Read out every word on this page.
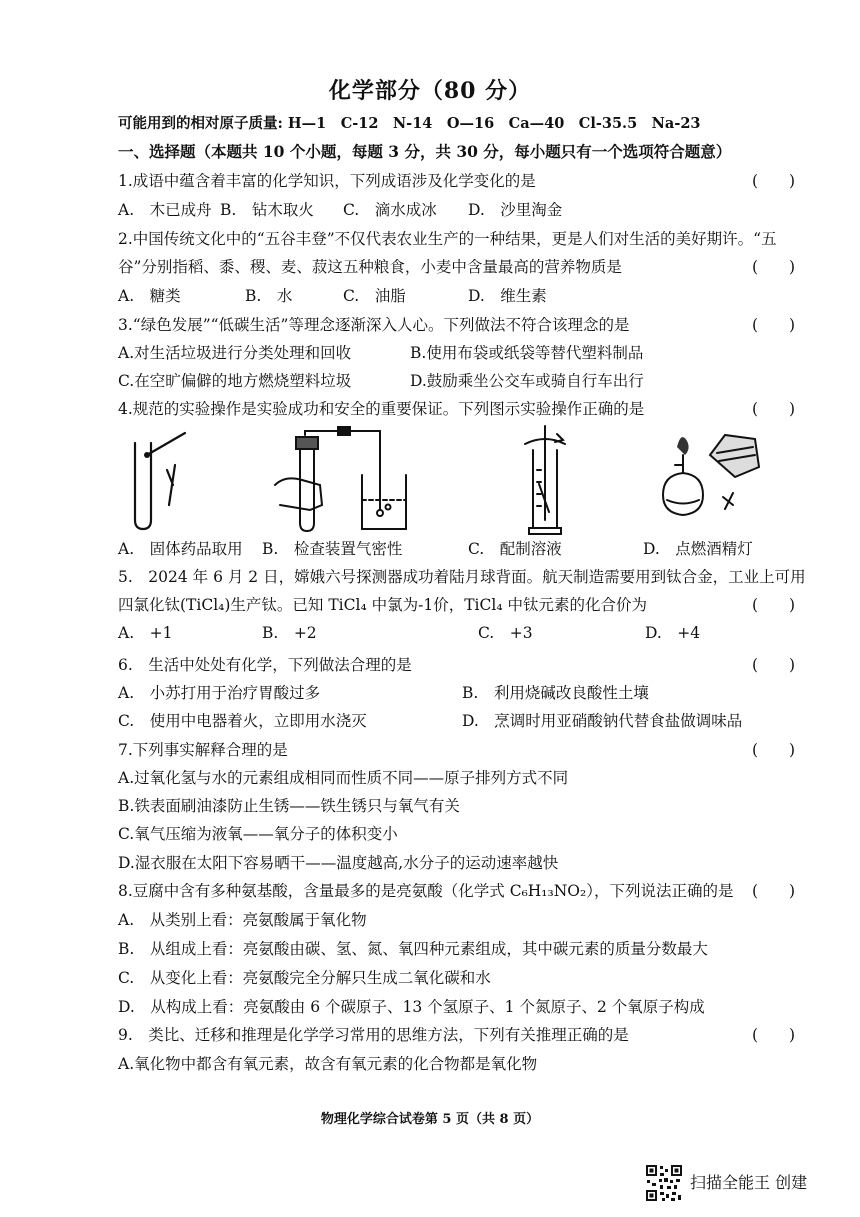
化学部分（80 分）
可能用到的相对原子质量: H—1　C-12　N-14　O—16　Ca—40　Cl-35.5　Na-23
一、选择题（本题共 10 个小题，每题 3 分，共 30 分，每小题只有一个选项符合题意）
1.成语中蕴含着丰富的化学知识，下列成语涉及化学变化的是	(　　)
A.　木已成舟 B.　钻木取火 C.　滴水成冰 D.　沙里淘金
2.中国传统文化中的“五谷丰登”不仅代表农业生产的一种结果，更是人们对生活的美好期许。“五
谷”分别指稻、黍、稷、麦、菽这五种粮食，小麦中含量最高的营养物质是	(　　)
A.　糖类	B.　水	C.　油脂	D.　维生素
3.“绿色发展”“低碳生活”等理念逐渐深入人心。下列做法不符合该理念的是	(　　)
A.对生活垃圾进行分类处理和回收	B.使用布袋或纸袋等替代塑料制品
C.在空旷偏僻的地方燃烧塑料垃圾	D.鼓励乘坐公交车或骑自行车出行
4.规范的实验操作是实验成功和安全的重要保证。下列图示实验操作正确的是	(　　)
A.　固体药品取用 B.　检查装置气密性	C.　配制溶液	D.　点燃酒精灯
5.　2024 年 6 月 2 日，嫦娥六号探测器成功着陆月球背面。航天制造需要用到钛合金，工业上可用
四氯化钛(TiCl₄)生产钛。已知 TiCl₄ 中氯为-1价，TiCl₄ 中钛元素的化合价为	(　　)
A.　+1	B.　+2	C.　+3	D.　+4
6.　生活中处处有化学，下列做法合理的是	(　　)
A.　小苏打用于治疗胃酸过多	B.　利用烧碱改良酸性土壤
C.　使用中电器着火，立即用水浇灭	D.　烹调时用亚硝酸钠代替食盐做调味品
7.下列事实解释合理的是	(　　)
A.过氧化氢与水的元素组成相同而性质不同——原子排列方式不同
B.铁表面刷油漆防止生锈——铁生锈只与氧气有关
C.氧气压缩为液氧——氧分子的体积变小
D.湿衣服在太阳下容易晒干——温度越高,水分子的运动速率越快
8.豆腐中含有多种氨基酸，含量最多的是亮氨酸（化学式 C₆H₁₃NO₂），下列说法正确的是 (　　)
A.　从类别上看：亮氨酸属于氧化物
B.　从组成上看：亮氨酸由碳、氢、氮、氧四种元素组成，其中碳元素的质量分数最大
C.　从变化上看：亮氨酸完全分解只生成二氧化碳和水
D.　从构成上看：亮氨酸由 6 个碳原子、13 个氢原子、1 个氮原子、2 个氧原子构成
9.　类比、迁移和推理是化学学习常用的思维方法，下列有关推理正确的是	(　　)
A.氧化物中都含有氧元素，故含有氧元素的化合物都是氧化物
物理化学综合试卷第 5 页（共 8 页）
扫描全能王 创建
